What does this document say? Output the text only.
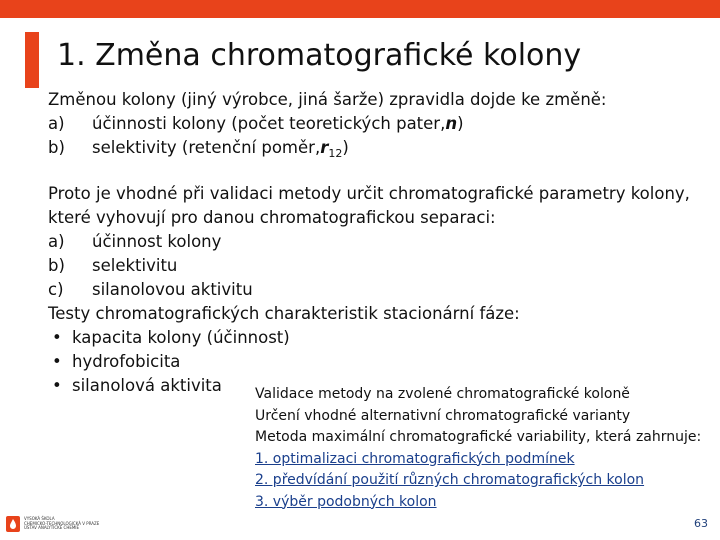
1. Změna chromatografické kolony
Změnou kolony (jiný výrobce, jiná šarže) zpravidla dojde ke změně:
a)	účinnosti kolony (počet teoretických pater, n )
b)	selektivity (retenční poměr, r 12 )
Proto je vhodné při validaci metody určit chromatografické parametry kolony,
které vyhovují pro danou chromatografickou separaci:
a)	účinnost kolony
b)	selektivitu
c)	silanolovou aktivitu
Testy chromatografických charakteristik stacionární fáze:
• kapacita kolony (účinnost)
• hydrofobicita
• silanolová aktivita Validace metody na zvolené chromatografické koloně
Určení vhodné alternativní chromatografické varianty
Metoda maximální chromatografické variability, která zahrnuje:
1. optimalizaci chromatografických podmínek
2. předvídání použití různých chromatografických kolon
3. výběr podobných kolon
VYSOKÁ ŠKOLA
CHEMICKO-TECHNOLOGICKÁ V PRAZE
ÚSTAV ANALYTICKÉ CHEMIE	63
